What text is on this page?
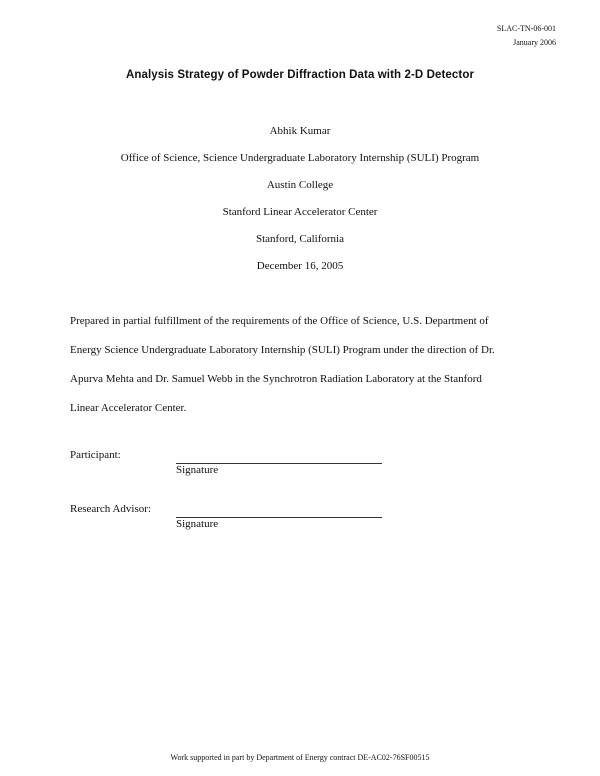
SLAC-TN-06-001
January 2006
Analysis Strategy of Powder Diffraction Data with 2-D Detector
Abhik Kumar
Office of Science, Science Undergraduate Laboratory Internship (SULI) Program
Austin College
Stanford Linear Accelerator Center
Stanford, California
December 16, 2005
Prepared in partial fulfillment of the requirements of the Office of Science, U.S. Department of
Energy Science Undergraduate Laboratory Internship (SULI) Program under the direction of Dr.
Apurva Mehta and Dr. Samuel Webb in the Synchrotron Radiation Laboratory at the Stanford
Linear Accelerator Center.
Participant:
Signature
Research Advisor:
Signature
Work supported in part by Department of Energy contract DE-AC02-76SF00515
